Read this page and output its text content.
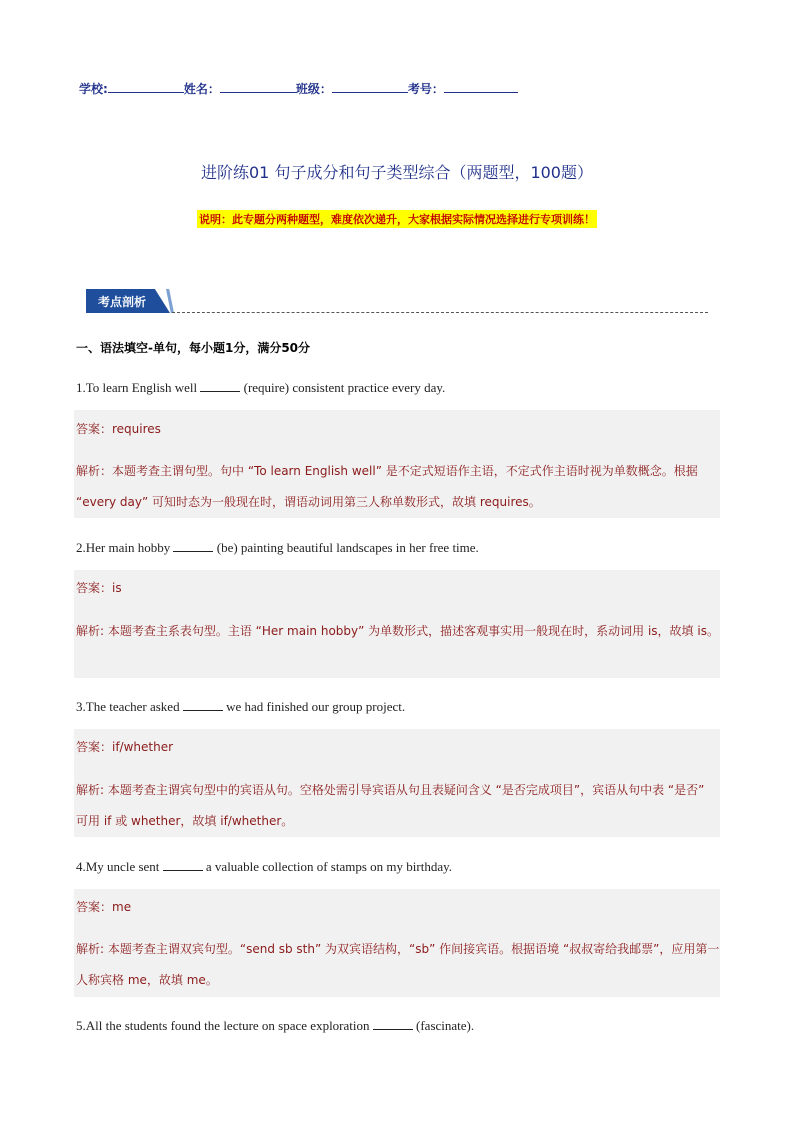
学校:	姓名：	班级：	考号：
进阶练01 句子成分和句子类型综合（两题型，100题）
说明：此专题分两种题型，难度依次递升，大家根据实际情况选择进行专项训练！
考点剖析
一、语法填空-单句，每小题1分，满分50分
1.To learn English well	(require) consistent practice every day.
答案：requires
解析：本题考查主谓句型。句中 “To learn English well” 是不定式短语作主语，不定式作主语时视为单数概念。根据 “every day” 可知时态为一般现在时，谓语动词用第三人称单数形式，故填 requires。
2.Her main hobby	(be) painting beautiful landscapes in her free time.
答案：is
解析: 本题考查主系表句型。主语 “Her main hobby” 为单数形式，描述客观事实用一般现在时，系动词用 is，故填 is。
3.The teacher asked	we had finished our group project.
答案：if/whether
解析: 本题考查主谓宾句型中的宾语从句。空格处需引导宾语从句且表疑问含义 “是否完成项目”，宾语从句中表 “是否” 可用 if 或 whether，故填 if/whether。
4.My uncle sent	a valuable collection of stamps on my birthday.
答案：me
解析: 本题考查主谓双宾句型。“send sb sth” 为双宾语结构，“sb” 作间接宾语。根据语境 “叔叔寄给我邮票”，应用第一人称宾格 me，故填 me。
5.All the students found the lecture on space exploration	(fascinate).
